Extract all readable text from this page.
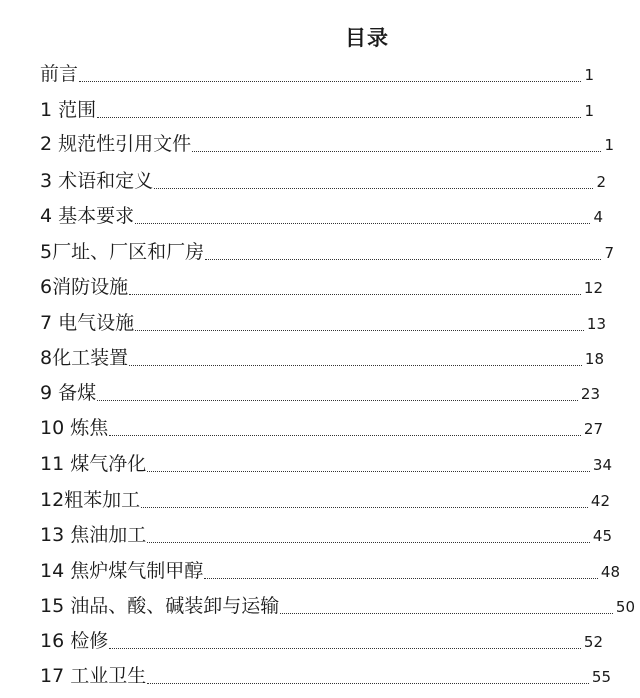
目录
前言	1
1 范围	1
2 规范性引用文件	1
3 术语和定义	2
4 基本要求	4
5厂址、厂区和厂房	7
6消防设施	12
7 电气设施	13
8化工装置	18
9 备煤	23
10 炼焦	27
11 煤气净化	34
12粗苯加工	42
13 焦油加工	45
14 焦炉煤气制甲醇	48
15 油品、酸、碱装卸与运输	50
16 检修	52
17 工业卫生	55
